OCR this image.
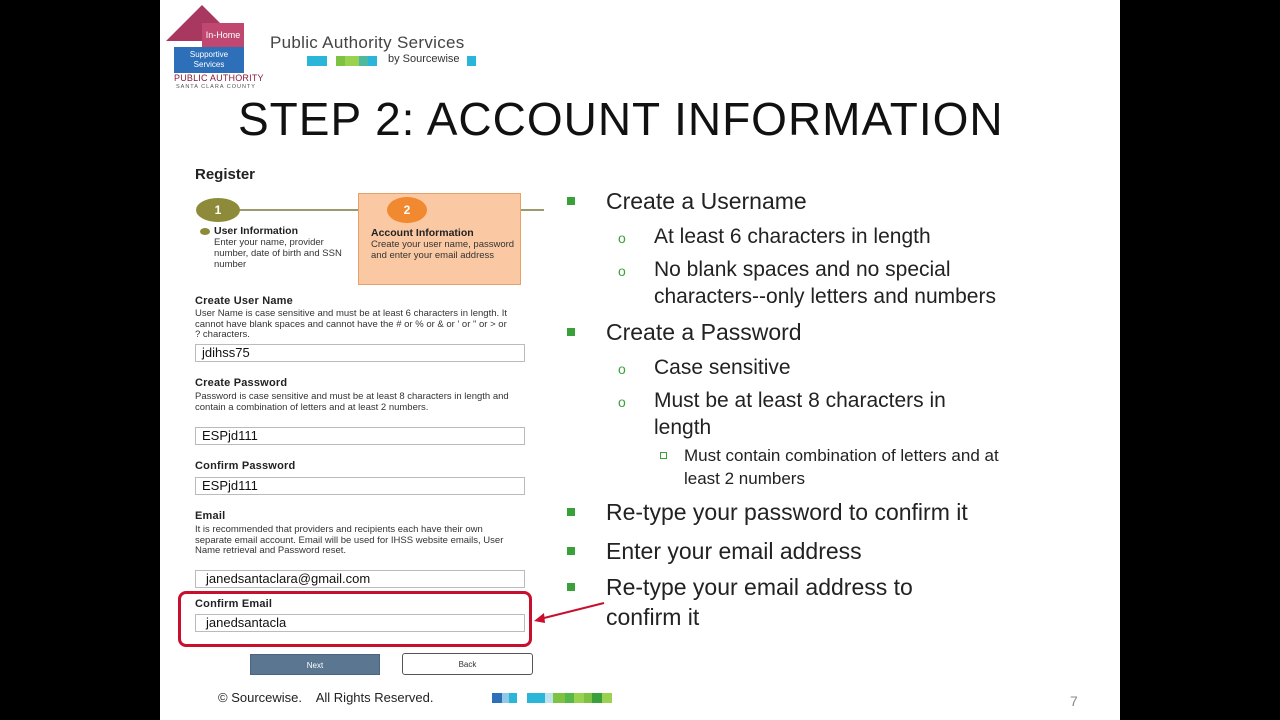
In-Home
Supportive
Services
PUBLIC AUTHORITY
SANTA CLARA COUNTY
Public Authority Services
by Sourcewise
STEP 2: ACCOUNT INFORMATION
Register
1
User Information
Enter your name, provider number, date of birth and SSN number
2
Account Information
Create your user name, password and enter your email address
Create User Name
User Name is case sensitive and must be at least 6 characters in length. It cannot have blank spaces and cannot have the # or % or & or ' or " or > or ? characters.
jdihss75
Create Password
Password is case sensitive and must be at least 8 characters in length and contain a combination of letters and at least 2 numbers.
ESPjd111
Confirm Password
ESPjd111
Email
It is recommended that providers and recipients each have their own separate email account. Email will be used for IHSS website emails, User Name retrieval and Password reset.
janedsantaclara@gmail.com
Confirm Email
janedsantacla
Next	Back
Create a Username
o At least 6 characters in length
o No blank spaces and no special
characters--only letters and numbers
Create a Password
o Case sensitive
o Must be at least 8 characters in
length
Must contain combination of letters and at
least 2 numbers
Re-type your password to confirm it
Enter your email address
Re-type your email address to
confirm it
© Sourcewise.    All Rights Reserved.	7
